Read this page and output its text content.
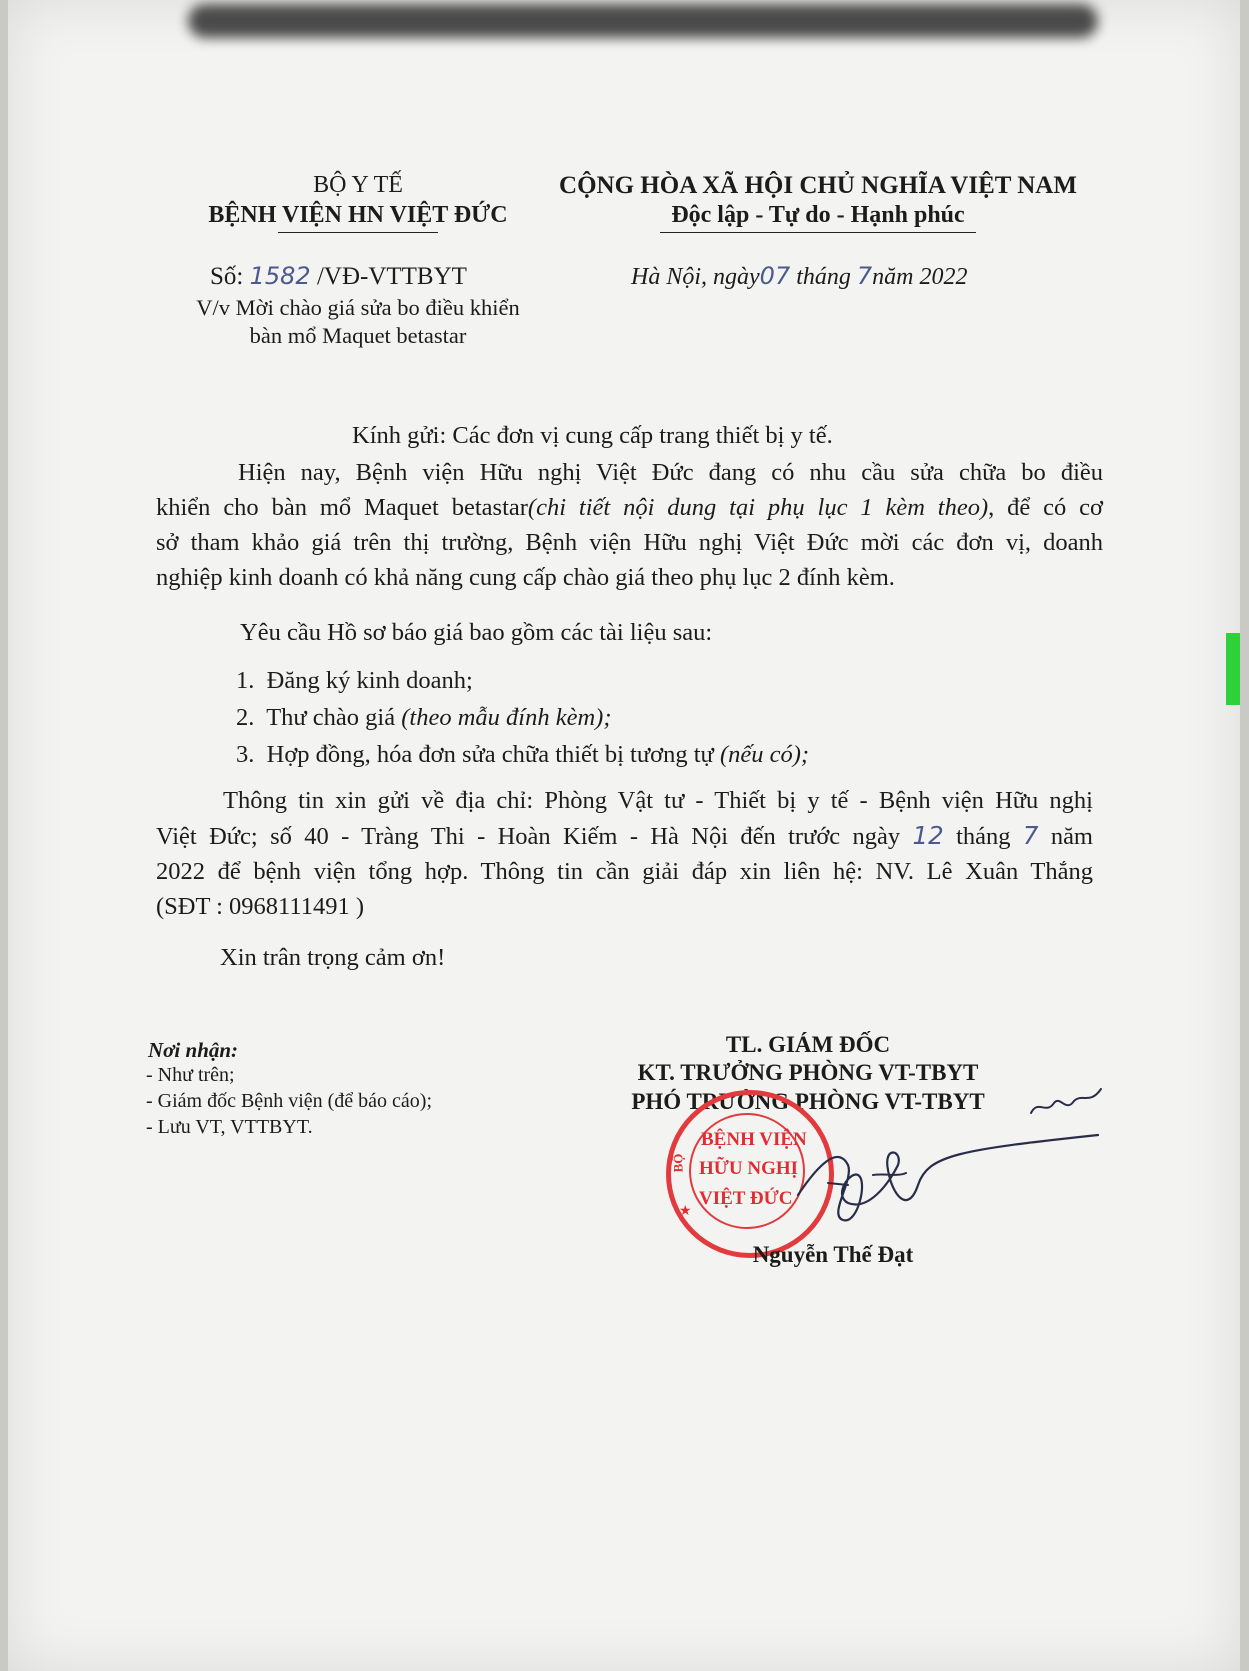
BỘ Y TẾ
BỆNH VIỆN HN VIỆT ĐỨC
Số: 1582 /VĐ-VTTBYT
V/v Mời chào giá sửa bo điều khiển
bàn mổ Maquet betastar
CỘNG HÒA XÃ HỘI CHỦ NGHĨA VIỆT NAM
Độc lập - Tự do - Hạnh phúc
Hà Nội, ngày07 tháng 7năm 2022
Kính gửi: Các đơn vị cung cấp trang thiết bị y tế.
Hiện nay, Bệnh viện Hữu nghị Việt Đức đang có nhu cầu sửa chữa bo điều
khiển cho bàn mổ Maquet betastar(chi tiết nội dung tại phụ lục 1 kèm theo), để có cơ
sở tham khảo giá trên thị trường, Bệnh viện Hữu nghị Việt Đức mời các đơn vị, doanh
nghiệp kinh doanh có khả năng cung cấp chào giá theo phụ lục 2 đính kèm.
Yêu cầu Hồ sơ báo giá bao gồm các tài liệu sau:
1. Đăng ký kinh doanh;
2. Thư chào giá (theo mẫu đính kèm);
3. Hợp đồng, hóa đơn sửa chữa thiết bị tương tự (nếu có);
Thông tin xin gửi về địa chỉ: Phòng Vật tư - Thiết bị y tế - Bệnh viện Hữu nghị
Việt Đức; số 40 - Tràng Thi - Hoàn Kiếm - Hà Nội đến trước ngày 12 tháng 7 năm
2022 để bệnh viện tổng hợp. Thông tin cần giải đáp xin liên hệ: NV. Lê Xuân Thắng
(SĐT : 0968111491 )
Xin trân trọng cảm ơn!
Nơi nhận:
- Như trên;
- Giám đốc Bệnh viện (để báo cáo);
- Lưu VT, VTTBYT.
TL. GIÁM ĐỐC
KT. TRƯỞNG PHÒNG VT-TBYT
PHÓ TRƯỞNG PHÒNG VT-TBYT
BỆNH VIỆN
HỮU NGHỊ
VIỆT ĐỨC
BỘ
★
Nguyễn Thế Đạt
